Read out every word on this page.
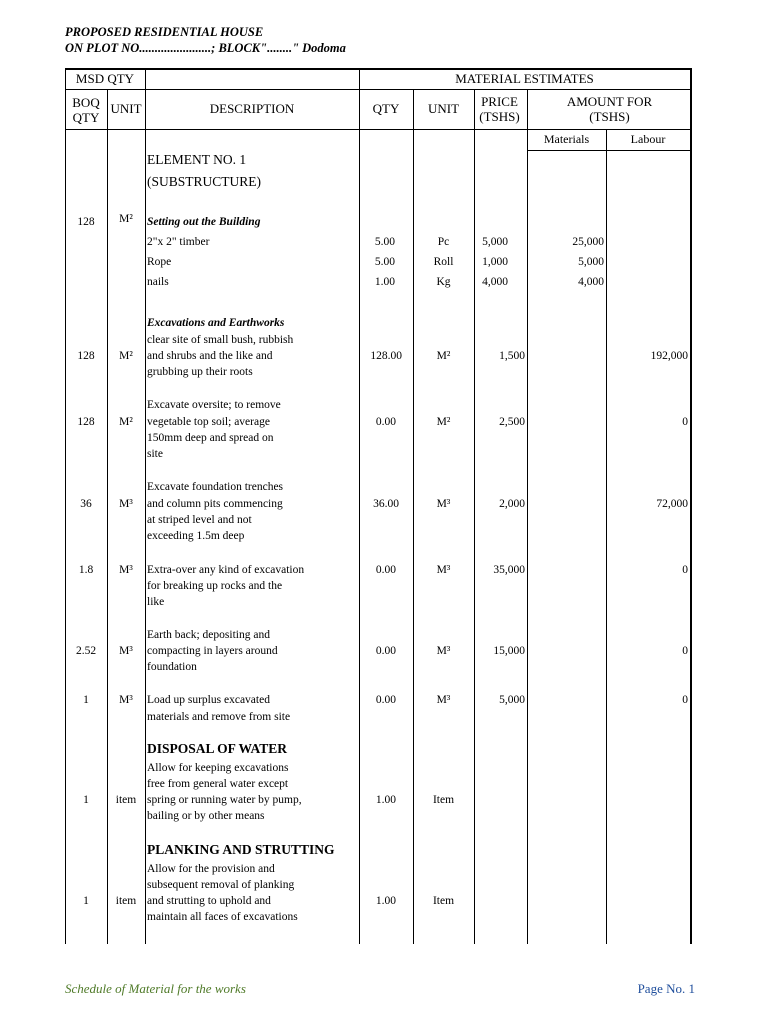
PROPOSED RESIDENTIAL HOUSE
ON PLOT NO.......................; BLOCK"........" Dodoma
MSD QTY	MATERIAL ESTIMATES
BOQ QTY
UNIT	DESCRIPTION	QTY	UNIT	PRICE (TSHS)
AMOUNT FOR (TSHS)
Materials	Labour
ELEMENT NO. 1
(SUBSTRUCTURE)
128	M²	Setting out the Building
2"x 2" timber	5.00	Pc	5,000	25,000
Rope	5.00	Roll	1,000	5,000
nails	1.00	Kg	4,000	4,000
Excavations and Earthworks
128	M²
clear site of small bush, rubbish
and shrubs and the like and
grubbing up their roots
128.00	M²	1,500	192,000
128	M²
Excavate oversite; to remove
vegetable top soil; average
150mm deep and spread on
site
0.00	M²	2,500	0
36	M³
Excavate foundation trenches
and column pits commencing
at striped level and not
exceeding 1.5m deep
36.00	M³	2,000	72,000
1.8	M³	Extra-over any kind of excavation
for breaking up rocks and the
like
0.00	M³	35,000	0
2.52	M³
Earth back; depositing and
compacting in layers around
foundation
0.00	M³	15,000	0
1	M³	Load up surplus excavated
materials and remove from site
0.00	M³	5,000	0
DISPOSAL OF WATER
1	item
Allow for keeping excavations
free from general water except
spring or running water by pump,
bailing or by other means
1.00	Item
PLANKING AND STRUTTING
1	item
Allow for the provision and
subsequent removal of planking
and strutting to uphold and
maintain all faces of excavations
1.00	Item
Schedule of Material for the works	Page No. 1
